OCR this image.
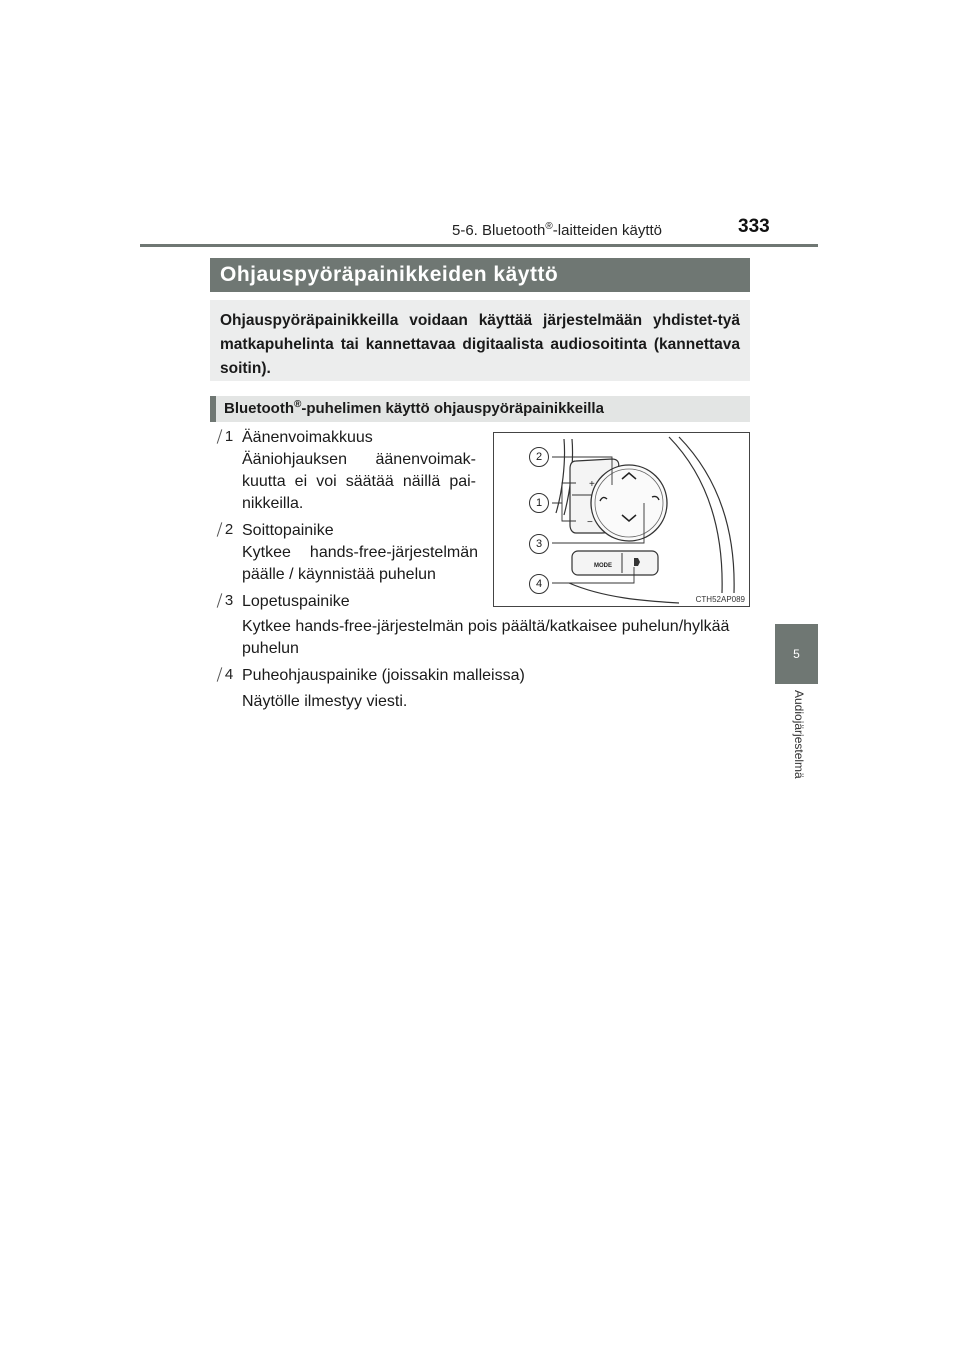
5-6. Bluetooth®-laitteiden käyttö	333
5
Audiojärjestelmä
Ohjauspyöräpainikkeiden käyttö
Ohjauspyöräpainikkeilla voidaan käyttää järjestelmään yhdistet-tyä matkapuhelinta tai kannettavaa digitaalista audiosoitinta (kannettava soitin).
Bluetooth®-puhelimen käyttö ohjauspyöräpainikkeilla
1 Äänenvoimakkuus
Ääniohjauksen äänenvoimak-
kuutta ei voi säätää näillä pai-
nikkeilla.
2 Soittopainike
Kytkee hands-free-järjestelmän
päälle / käynnistää puhelun
3 Lopetuspainike
Kytkee hands-free-järjestelmän pois päältä/katkaisee puhelun/hylkää
puhelun
4 Puheohjauspainike (joissakin malleissa)
Näytölle ilmestyy viesti.
+
−
MODE
2
1
3
4
CTH52AP089
